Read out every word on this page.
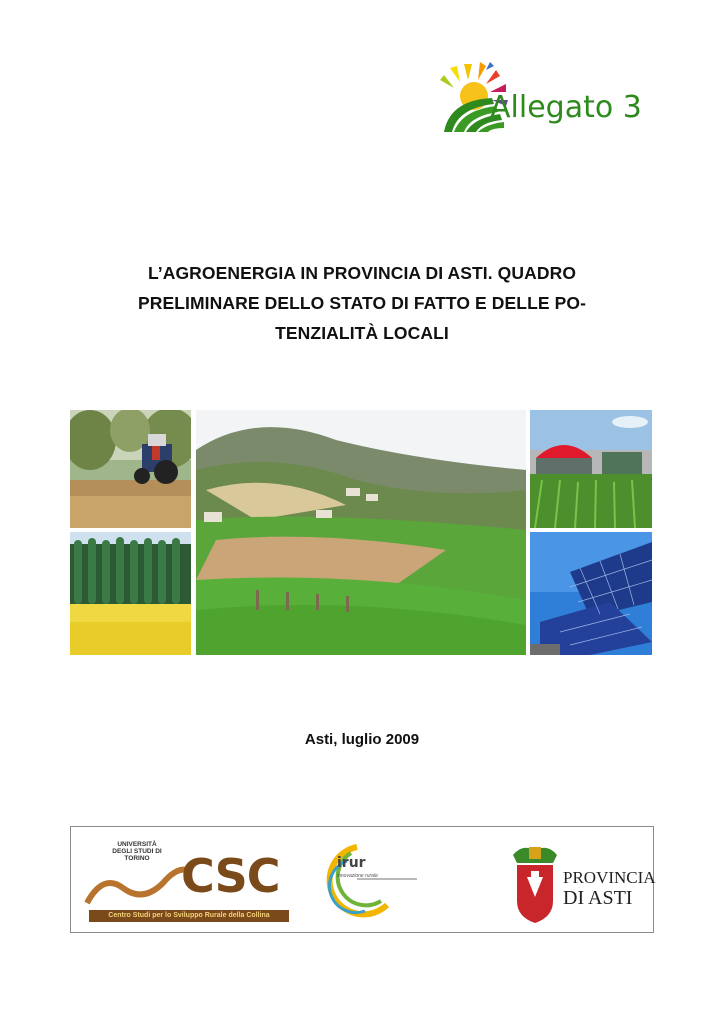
Allegato 3
L’AGROENERGIA IN PROVINCIA DI ASTI. QUADRO
PRELIMINARE DELLO STATO DI FATTO E DELLE PO-
TENZIALITÀ LOCALI
Asti, luglio 2009
UNIVERSITÀ DEGLI STUDI DI TORINO CSC
Centro Studi per lo Sviluppo Rurale della Collina
irur
innovazione rurale	PROVINCIA
DI ASTI
